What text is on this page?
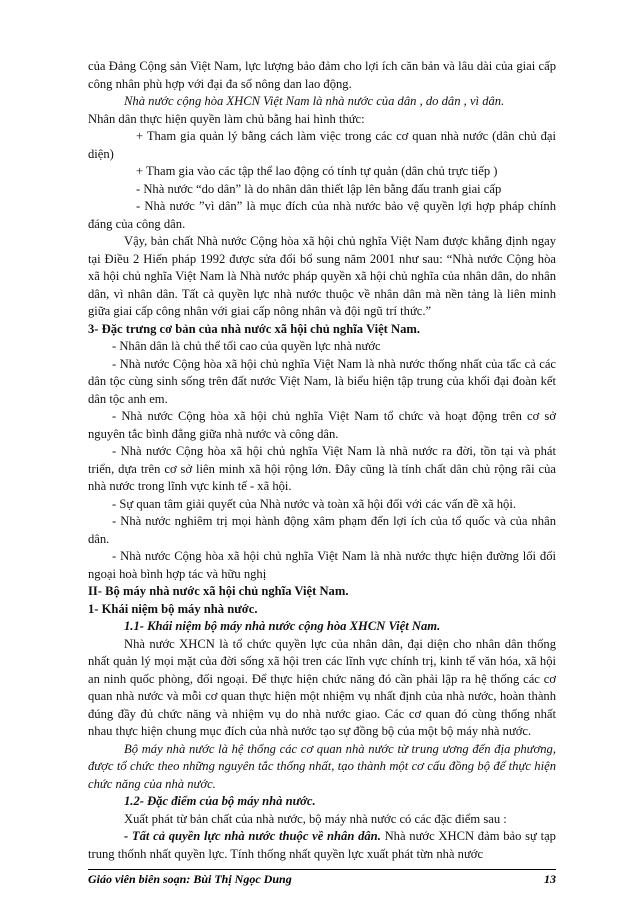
của Đảng Cộng sản Việt Nam, lực lượng bảo đảm cho lợi ích căn bản và lâu dài của giai cấp công nhân phù hợp với đại đa số nông dan lao động.

Nhà nước cộng hòa XHCN Việt Nam là nhà nước của dân , do dân , vì dân.

Nhân dân thực hiện quyền làm chủ bằng hai hình thức:

+ Tham gia quản lý bằng cách làm việc trong các cơ quan nhà nước (dân chủ đại diện)

+ Tham gia vào các tập thể lao động có tính tự quản (dân chủ trực tiếp )

- Nhà nước “do dân” là do nhân dân thiết lập lên bằng đấu tranh giai cấp

- Nhà nước ”vì dân” là mục đích của nhà nước bảo vệ quyền lợi hợp pháp chính đáng của công dân.

Vậy, bản chất Nhà nước Cộng hòa xã hội chủ nghĩa Việt Nam được khẳng định ngay tại Điều 2 Hiến pháp 1992 được sửa đổi bổ sung năm 2001 như sau: “Nhà nước Cộng hòa xã hội chủ nghĩa Việt Nam là Nhà nước pháp quyền xã hội chủ nghĩa của nhân dân, do nhân dân, vì nhân dân. Tất cả quyền lực nhà nước thuộc về nhân dân mà nền tảng là liên minh giữa giai cấp công nhân với giai cấp nông nhân và đội ngũ trí thức.”

3- Đặc trưng cơ bản của nhà nước xã hội chủ nghĩa Việt Nam.

- Nhân dân là chủ thể tối cao của quyền lực nhà nước

- Nhà nước Cộng hòa xã hội chủ nghĩa Việt Nam là nhà nước thống nhất của tấc cả các dân tộc cùng sinh sống trên đất nước Việt Nam, là biểu hiện tập trung của khối đại đoàn kết dân tộc anh em.

- Nhà nước Cộng hòa xã hội chủ nghĩa Việt Nam tổ chức và hoạt động trên cơ sở nguyên tắc bình đẳng giữa nhà nước và công dân.

- Nhà nước Cộng hòa xã hội chủ nghĩa Việt Nam là nhà nước ra đời, tồn tại và phát triển, dựa trên cơ sở liên minh xã hội rộng lớn. Đây cũng là tính chất dân chủ rộng rãi của nhà nước trong lĩnh vực kinh tế - xã hội.

- Sự quan tâm giải quyết của Nhà nước và toàn xã hội đối với các vấn đề xã hội.

- Nhà nước nghiêm trị mọi hành động xâm phạm đến lợi ích của tổ quốc và của nhân dân.

- Nhà nước Cộng hòa xã hội chủ nghĩa Việt Nam là nhà nước thực hiện đường lối đối ngoại hoà bình hợp tác và hữu nghị

II- Bộ máy nhà nước xã hội chủ nghĩa Việt Nam.

1- Khái niệm bộ máy nhà nước.

1.1- Khái niệm bộ máy nhà nước cộng hòa XHCN Việt Nam.

Nhà nước XHCN là tổ chức quyền lực của nhân dân, đại diện cho nhân dân thống nhất quản lý mọi mặt của đời sống xã hội tren các lĩnh vực chính trị, kinh tế văn hóa, xã hội an ninh quốc phòng, đối ngoại. Để thực hiện chức năng đó cần phải lập ra hệ thống các cơ quan nhà nước và mỗi cơ quan thực hiện một nhiệm vụ nhất định của nhà nước, hoàn thành đúng đầy đủ chức năng và nhiệm vụ do nhà nước giao. Các cơ quan đó cùng thống nhất nhau thực hiện chung mục đích của nhà nước tạo sự đồng bộ của một bộ máy nhà nước.

Bộ máy nhà nước là hệ thống các cơ quan nhà nước từ trung ương đến địa phương, được tổ chức theo những nguyên tắc thống nhất, tạo thành một cơ cấu đồng bộ để thực hiện chức năng của nhà nước.

1.2- Đặc điểm của bộ máy nhà nước.

Xuất phát từ bản chất của nhà nước, bộ máy nhà nước có các đặc điểm sau :

- Tất cả quyền lực nhà nước thuộc về nhân dân. Nhà nước XHCN đảm bảo sự tạp trung thốnh nhất quyền lực. Tính thống nhất quyền lực xuất phát từn nhà nước

Giáo viên biên soạn: Bùi Thị Ngọc Dung	13
